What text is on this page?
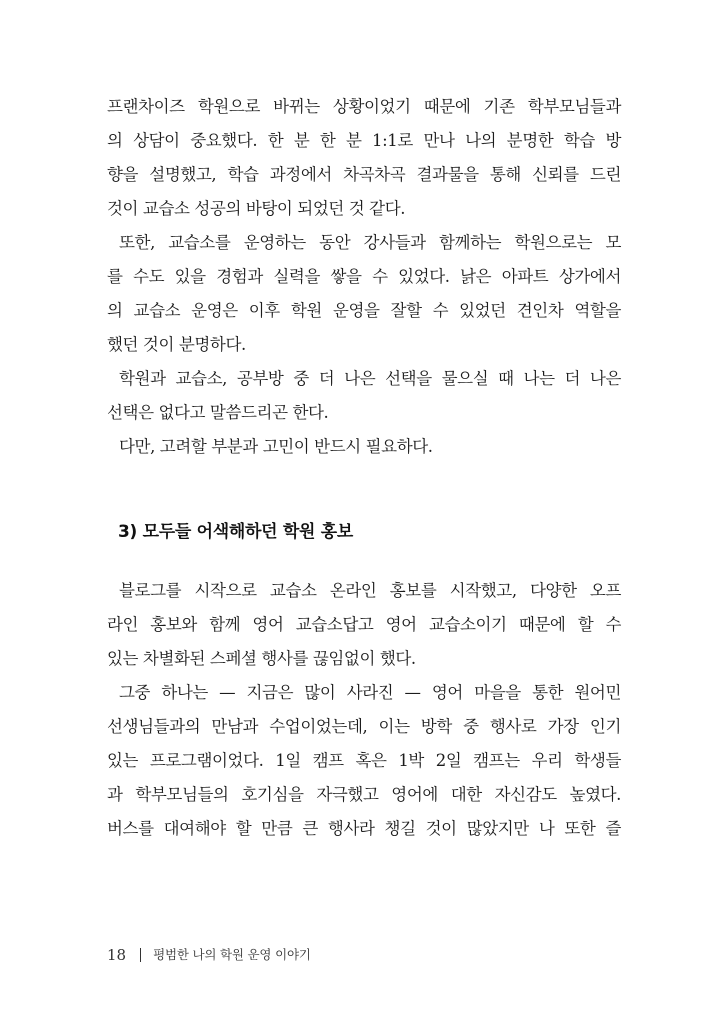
프랜차이즈 학원으로 바뀌는 상황이었기 때문에 기존 학부모님들과
의 상담이 중요했다. 한 분 한 분 1:1로 만나 나의 분명한 학습 방
향을 설명했고, 학습 과정에서 차곡차곡 결과물을 통해 신뢰를 드린
것이 교습소 성공의 바탕이 되었던 것 같다.
또한, 교습소를 운영하는 동안 강사들과 함께하는 학원으로는 모
를 수도 있을 경험과 실력을 쌓을 수 있었다. 낡은 아파트 상가에서
의 교습소 운영은 이후 학원 운영을 잘할 수 있었던 견인차 역할을
했던 것이 분명하다.
학원과 교습소, 공부방 중 더 나은 선택을 물으실 때 나는 더 나은
선택은 없다고 말씀드리곤 한다.
다만, 고려할 부분과 고민이 반드시 필요하다.
3) 모두들 어색해하던 학원 홍보
블로그를 시작으로 교습소 온라인 홍보를 시작했고, 다양한 오프
라인 홍보와 함께 영어 교습소답고 영어 교습소이기 때문에 할 수
있는 차별화된 스페셜 행사를 끊임없이 했다.
그중 하나는 — 지금은 많이 사라진 — 영어 마을을 통한 원어민
선생님들과의 만남과 수업이었는데, 이는 방학 중 행사로 가장 인기
있는 프로그램이었다. 1일 캠프 혹은 1박 2일 캠프는 우리 학생들
과 학부모님들의 호기심을 자극했고 영어에 대한 자신감도 높였다.
버스를 대여해야 할 만큼 큰 행사라 챙길 것이 많았지만 나 또한 즐
18 평범한 나의 학원 운영 이야기
